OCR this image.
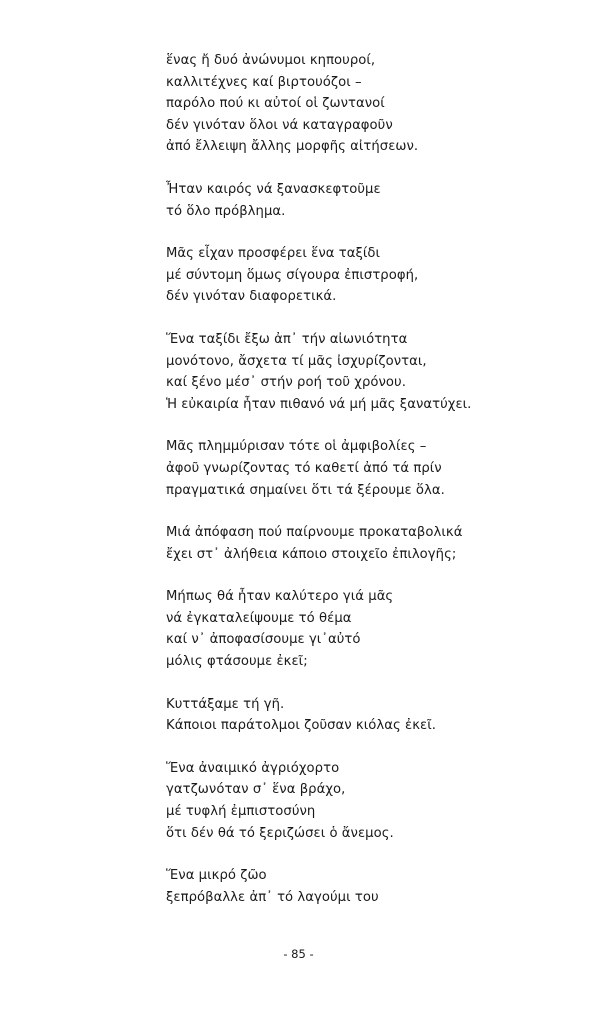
ἕνας ἤ δυό ἀνώνυμοι κηπουροί,
καλλιτέχνες καί βιρτουόζοι –
παρόλο πού κι αὐτοί οἱ ζωντανοί
δέν γινόταν ὅλοι νά καταγραφοῦν
ἀπό ἔλλειψη ἄλλης μορφῆς αἰτήσεων.
Ἦταν καιρός νά ξανασκεφτοῦμε
τό ὅλο πρόβλημα.
Μᾶς εἶχαν προσφέρει ἕνα ταξίδι
μέ σύντομη ὅμως σίγουρα ἐπιστροφή,
δέν γινόταν διαφορετικά.
Ἕνα ταξίδι ἔξω ἀπ᾽ τήν αἰωνιότητα
μονότονο, ἄσχετα τί μᾶς ἰσχυρίζονται,
καί ξένο μέσ᾽ στήν ροή τοῦ χρόνου.
Ἡ εὐκαιρία ἦταν πιθανό νά μή μᾶς ξανατύχει.
Μᾶς πλημμύρισαν τότε οἱ ἀμφιβολίες –
ἀφοῦ γνωρίζοντας τό καθετί ἀπό τά πρίν
πραγματικά σημαίνει ὅτι τά ξέρουμε ὅλα.
Μιά ἀπόφαση πού παίρνουμε προκαταβολικά
ἔχει στ᾽ ἀλήθεια κάποιο στοιχεῖο ἐπιλογῆς;
Μήπως θά ἦταν καλύτερο γιά μᾶς
νά ἐγκαταλείψουμε τό θέμα
καί ν᾽ ἀποφασίσουμε γι᾽αὐτό
μόλις φτάσουμε ἐκεῖ;
Κυττάξαμε τή γῆ.
Κάποιοι παράτολμοι ζοῦσαν κιόλας ἐκεῖ.
Ἕνα ἀναιμικό ἀγριόχορτο
γατζωνόταν σ᾽ ἕνα βράχο,
μέ τυφλή ἐμπιστοσύνη
ὅτι δέν θά τό ξεριζώσει ὁ ἄνεμος.
Ἕνα μικρό ζῶο
ξεπρόβαλλε ἀπ᾽ τό λαγούμι του
- 85 -
